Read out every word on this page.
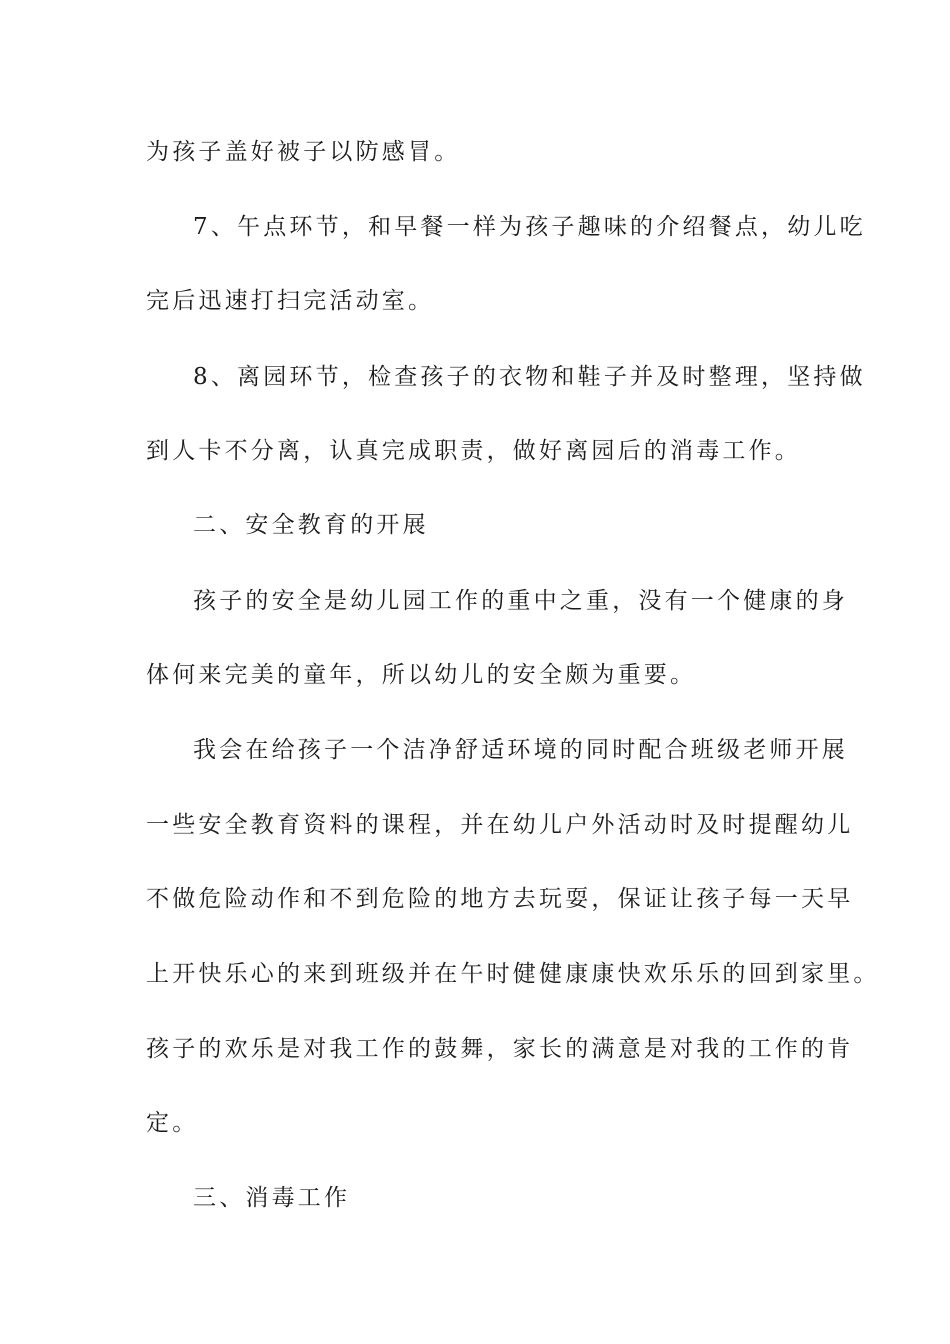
为孩子盖好被子以防感冒。
7、午点环节，和早餐一样为孩子趣味的介绍餐点，幼儿吃
完后迅速打扫完活动室。
8、离园环节，检查孩子的衣物和鞋子并及时整理，坚持做
到人卡不分离，认真完成职责，做好离园后的消毒工作。
二、安全教育的开展
孩子的安全是幼儿园工作的重中之重，没有一个健康的身
体何来完美的童年，所以幼儿的安全颇为重要。
我会在给孩子一个洁净舒适环境的同时配合班级老师开展
一些安全教育资料的课程，并在幼儿户外活动时及时提醒幼儿
不做危险动作和不到危险的地方去玩耍，保证让孩子每一天早
上开快乐心的来到班级并在午时健健康康快欢乐乐的回到家里。
孩子的欢乐是对我工作的鼓舞，家长的满意是对我的工作的肯
定。
三、消毒工作
